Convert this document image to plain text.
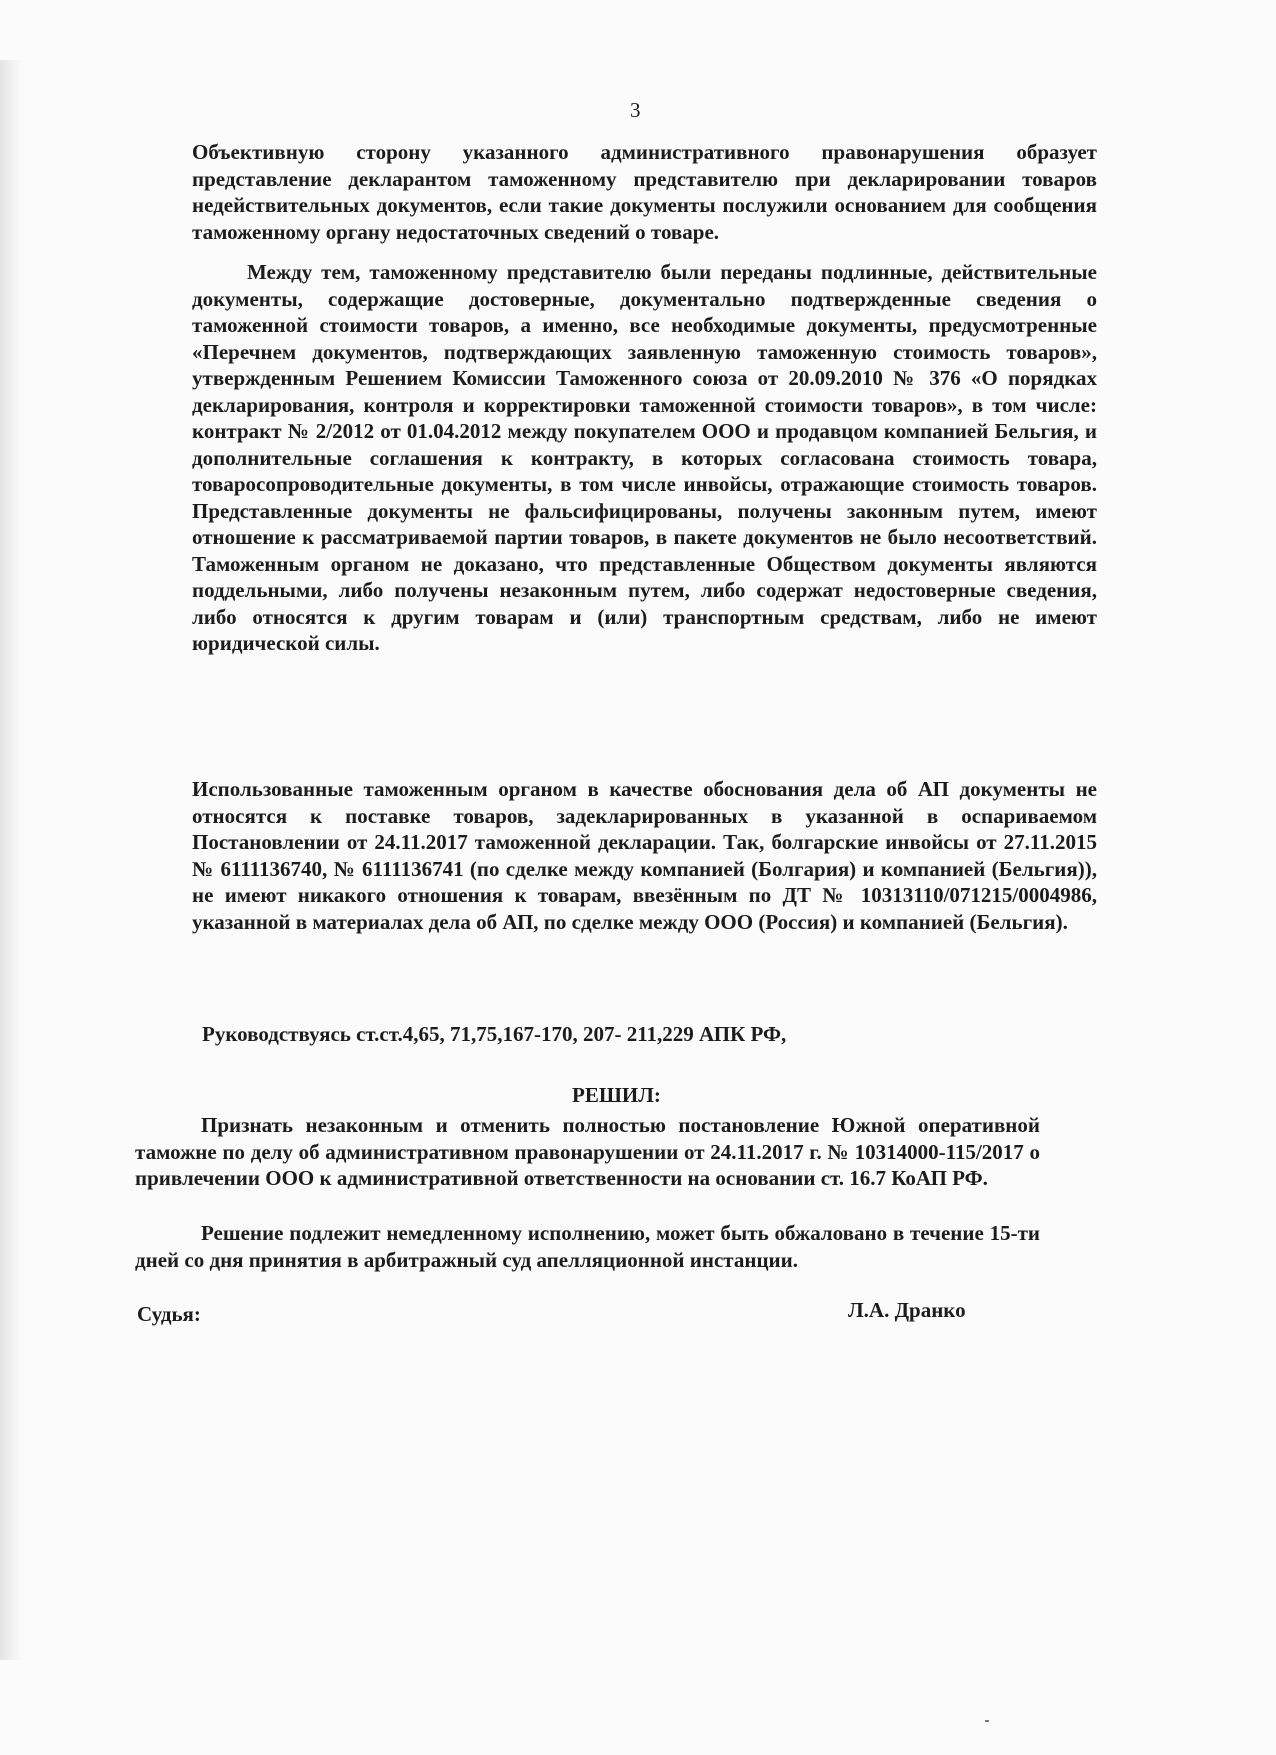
3
Объективную сторону указанного административного правонарушения образует представление декларантом таможенному представителю при декларировании товаров недействительных документов, если такие документы послужили основанием для сообщения таможенному органу недостаточных сведений о товаре.
Между тем, таможенному представителю были переданы подлинные, действительные документы, содержащие достоверные, документально подтвержденные сведения о таможенной стоимости товаров, а именно, все необходимые документы, предусмотренные «Перечнем документов, подтверждающих заявленную таможенную стоимость товаров», утвержденным Решением Комиссии Таможенного союза от 20.09.2010 № 376 «О порядках декларирования, контроля и корректировки таможенной стоимости товаров», в том числе: контракт № 2/2012 от 01.04.2012 между покупателем ООО и продавцом компанией Бельгия, и дополнительные соглашения к контракту, в которых согласована стоимость товара, товаросопроводительные документы, в том числе инвойсы, отражающие стоимость товаров. Представленные документы не фальсифицированы, получены законным путем, имеют отношение к рассматриваемой партии товаров, в пакете документов не было несоответствий. Таможенным органом не доказано, что представленные Обществом документы являются поддельными, либо получены незаконным путем, либо содержат недостоверные сведения, либо относятся к другим товарам и (или) транспортным средствам, либо не имеют юридической силы.
Использованные таможенным органом в качестве обоснования дела об АП документы не относятся к поставке товаров, задекларированных в указанной в оспариваемом Постановлении от 24.11.2017 таможенной декларации. Так, болгарские инвойсы от 27.11.2015 № 6111136740, № 6111136741 (по сделке между компанией (Болгария) и компанией (Бельгия)), не имеют никакого отношения к товарам, ввезённым по ДТ № 10313110/071215/0004986, указанной в материалах дела об АП, по сделке между ООО (Россия) и компанией (Бельгия).
Руководствуясь ст.ст.4,65, 71,75,167-170, 207- 211,229 АПК РФ,
РЕШИЛ:
Признать незаконным и отменить полностью постановление Южной оперативной таможне по делу об административном правонарушении от 24.11.2017 г. № 10314000-115/2017 о привлечении ООО к административной ответственности на основании ст. 16.7 КоАП РФ.
Решение подлежит немедленному исполнению, может быть обжаловано в течение 15-ти дней со дня принятия в арбитражный суд апелляционной инстанции.
Судья:	Л.А. Дранко
